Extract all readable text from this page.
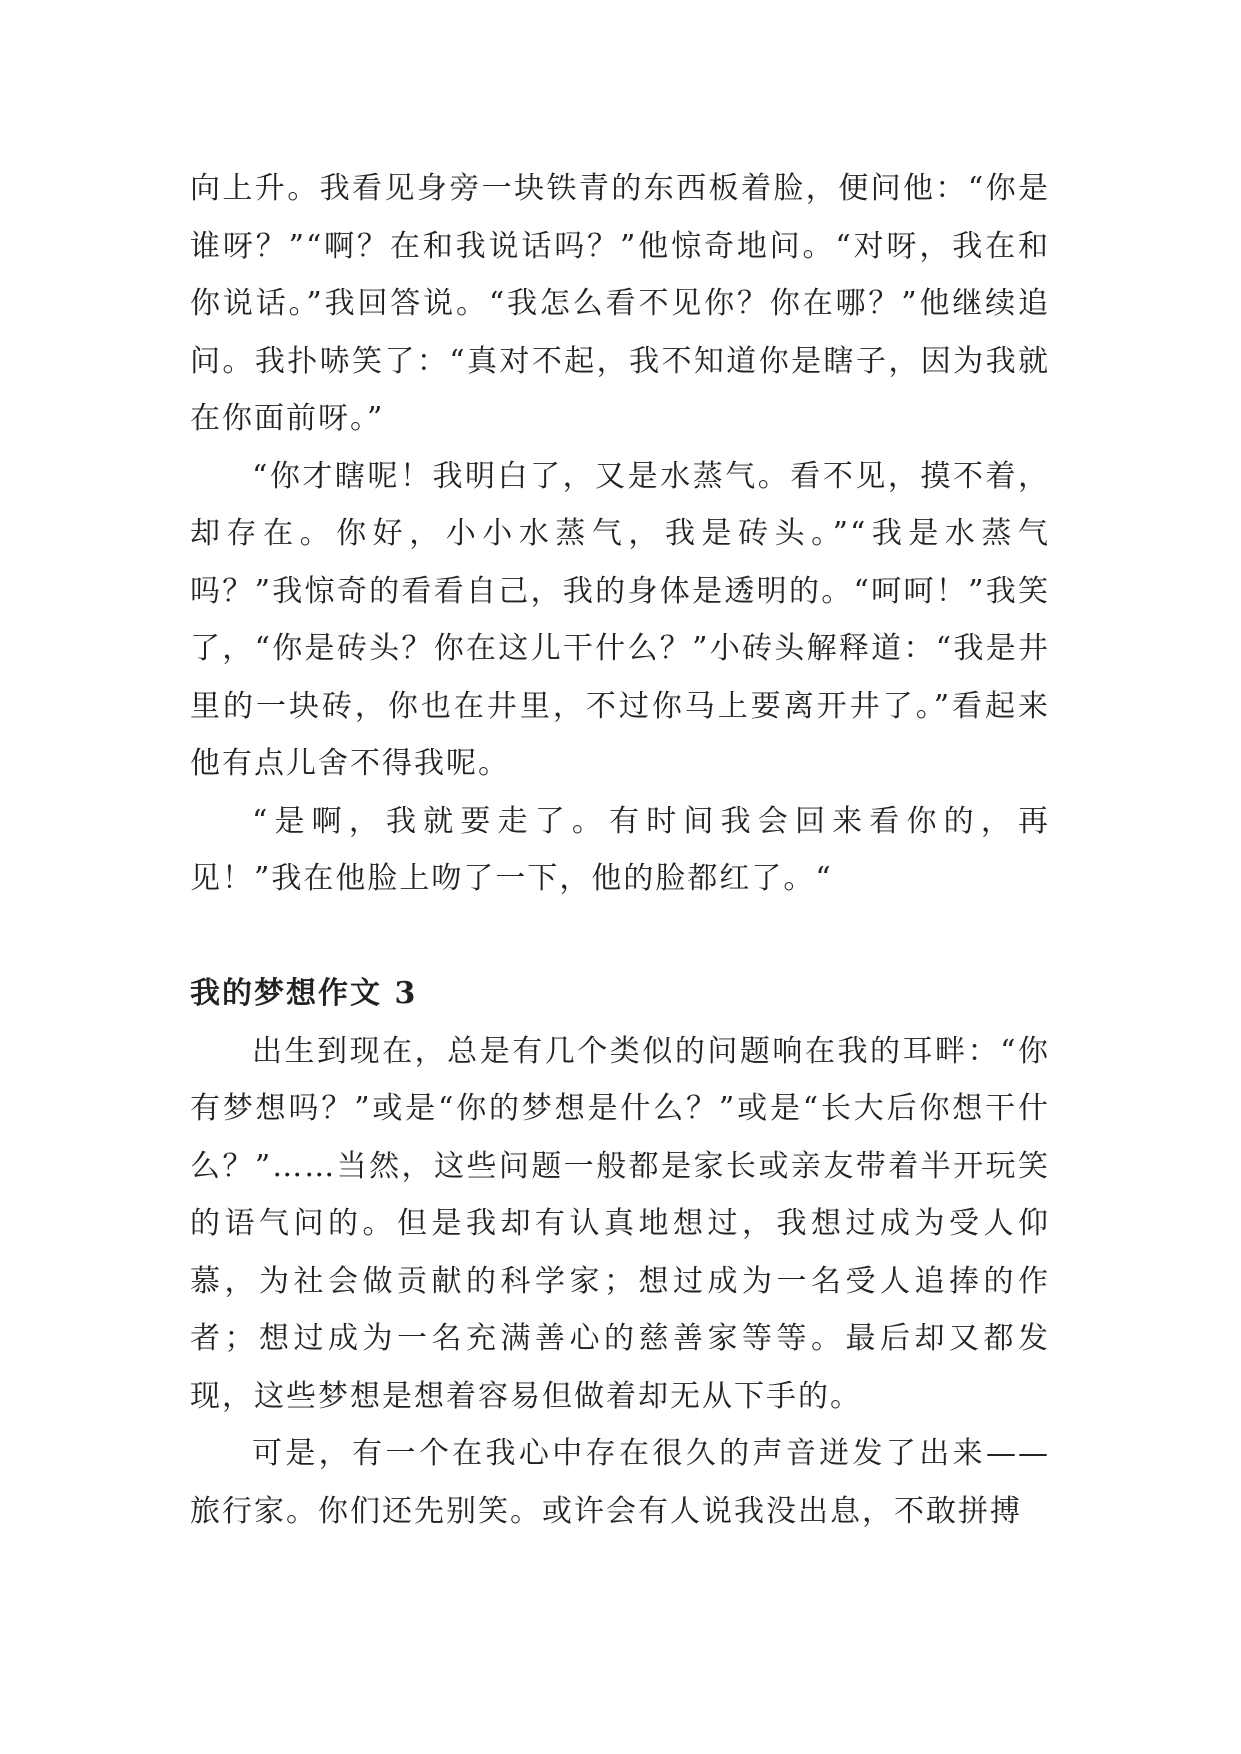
向上升。我看见身旁一块铁青的东西板着脸，便问他：“你是谁呀？”“啊？在和我说话吗？”他惊奇地问。“对呀，我在和你说话。”我回答说。“我怎么看不见你？你在哪？”他继续追问。我扑哧笑了：“真对不起，我不知道你是瞎子，因为我就在你面前呀。”

“你才瞎呢！我明白了，又是水蒸气。看不见，摸不着，却存在。你好，小小水蒸气，我是砖头。”“我是水蒸气吗？”我惊奇的看看自己，我的身体是透明的。“呵呵！”我笑了，“你是砖头？你在这儿干什么？”小砖头解释道：“我是井里的一块砖，你也在井里，不过你马上要离开井了。”看起来他有点儿舍不得我呢。

“是啊，我就要走了。有时间我会回来看你的，再见！”我在他脸上吻了一下，他的脸都红了。“

我的梦想作文 3

出生到现在，总是有几个类似的问题响在我的耳畔：“你有梦想吗？”或是“你的梦想是什么？”或是“长大后你想干什么？”……当然，这些问题一般都是家长或亲友带着半开玩笑的语气问的。但是我却有认真地想过，我想过成为受人仰慕，为社会做贡献的科学家；想过成为一名受人追捧的作者；想过成为一名充满善心的慈善家等等。最后却又都发现，这些梦想是想着容易但做着却无从下手的。

可是，有一个在我心中存在很久的声音迸发了出来——旅行家。你们还先别笑。或许会有人说我没出息，不敢拼搏
